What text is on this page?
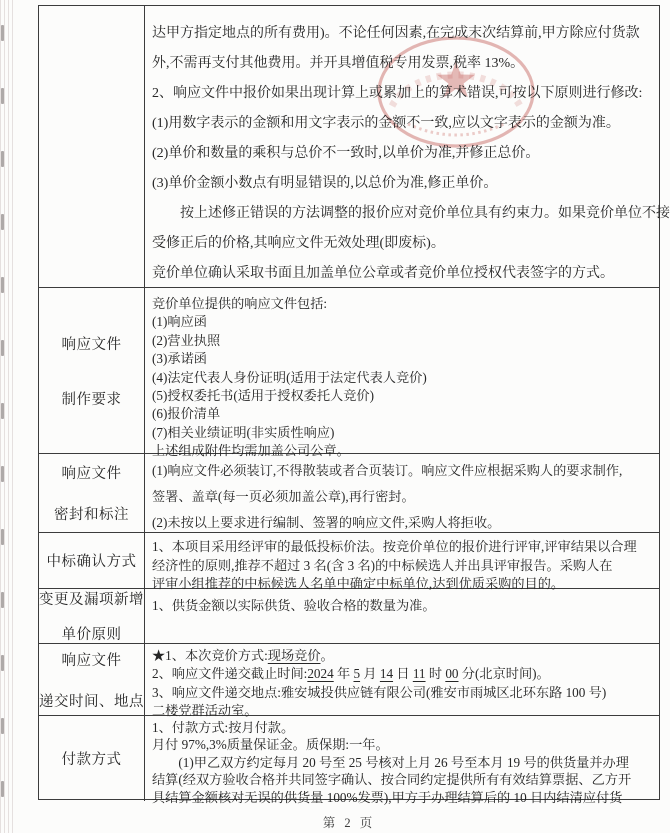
达甲方指定地点的所有费用)。不论任何因素,在完成末次结算前,甲方除应付货款
外,不需再支付其他费用。并开具增值税专用发票,税率 13%。
2、响应文件中报价如果出现计算上或累加上的算术错误,可按以下原则进行修改:
(1)用数字表示的金额和用文字表示的金额不一致,应以文字表示的金额为准。
(2)单价和数量的乘积与总价不一致时,以单价为准,并修正总价。
(3)单价金额小数点有明显错误的,以总价为准,修正单价。
　　按上述修正错误的方法调整的报价应对竞价单位具有约束力。如果竞价单位不接
受修正后的价格,其响应文件无效处理(即废标)。
竞价单位确认采取书面且加盖单位公章或者竞价单位授权代表签字的方式。
响应文件
制作要求
竞价单位提供的响应文件包括:
(1)响应函
(2)营业执照
(3)承诺函
(4)法定代表人身份证明(适用于法定代表人竞价)
(5)授权委托书(适用于授权委托人竞价)
(6)报价清单
(7)相关业绩证明(非实质性响应)
上述组成附件均需加盖公司公章。
响应文件
密封和标注
(1)响应文件必须装订,不得散装或者合页装订。响应文件应根据采购人的要求制作,
签署、盖章(每一页必须加盖公章),再行密封。
(2)未按以上要求进行编制、签署的响应文件,采购人将拒收。
中标确认方式
1、本项目采用经评审的最低投标价法。按竞价单位的报价进行评审,评审结果以合理
经济性的原则,推荐不超过 3 名(含 3 名)的中标候选人并出具评审报告。采购人在
评审小组推荐的中标候选人名单中确定中标单位,达到优质采购的目的。
变更及漏项新增
单价原则
1、供货金额以实际供货、验收合格的数量为准。
响应文件
递交时间、地点
★1、本次竞价方式:现场竞价。
2、响应文件递交截止时间:2024 年 5 月 14 日 11 时 00 分(北京时间)。
3、响应文件递交地点:雅安城投供应链有限公司(雅安市雨城区北环东路 100 号)
二楼党群活动室。
付款方式
1、付款方式:按月付款。
月付 97%,3%质量保证金。质保期:一年。
　　(1)甲乙双方约定每月 20 号至 25 号核对上月 26 号至本月 19 号的供货量并办理
结算(经双方验收合格并共同签字确认、按合同约定提供所有有效结算票据、乙方开
具结算金额核对无误的供货量 100%发票),甲方于办理结算后的 10 日内结清应付货
第 2 页
